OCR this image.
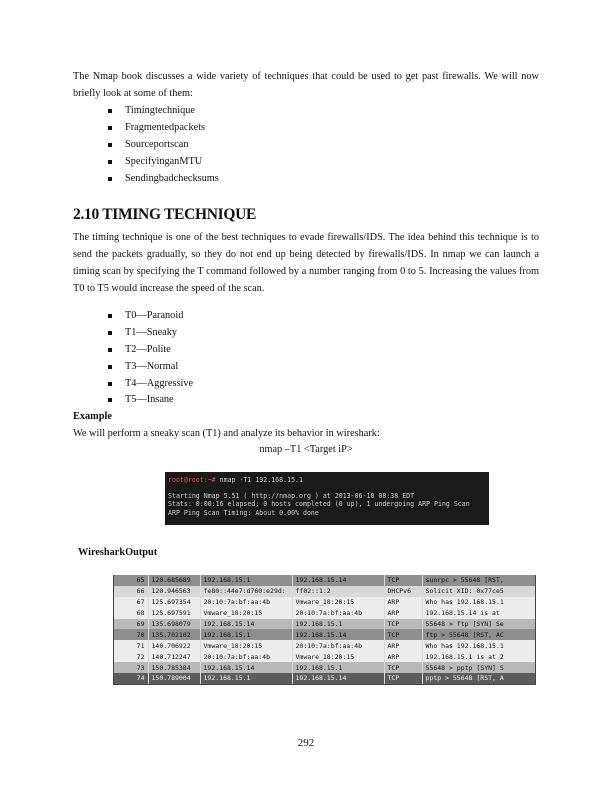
The Nmap book discusses a wide variety of techniques that could be used to get past firewalls. We will now briefly look at some of them:

Timingtechnique
Fragmentedpackets
Sourceportscan
SpecifyinganMTU
Sendingbadchecksums
2.10 TIMING TECHNIQUE

The timing technique is one of the best techniques to evade firewalls/IDS. The idea behind this technique is to send the packets gradually, so they do not end up being detected by firewalls/IDS. In nmap we can launch a timing scan by specifying the T command followed by a number ranging from 0 to 5. Increasing the values from T0 to T5 would increase the speed of the scan.

T0—Paranoid
T1—Sneaky
T2—Polite
T3—Normal
T4—Aggressive
T5—Insane

Example

We will perform a sneaky scan (T1) and analyze its behavior in wireshark:

nmap –T1 <Target iP>

root@root:~# nmap -T1 192.168.15.1
Starting Nmap 5.51 ( http://nmap.org ) at 2013-06-10 08:38 EDT
Stats: 0:00:16 elapsed; 0 hosts completed (0 up), 1 undergoing ARP Ping Scan
ARP Ping Scan Timing: About 0.00% done

WiresharkOutput

65	120.685689	192.168.15.1	192.168.15.14	TCP	sunrpc > 55648 [RST,
66	120.946563	fe80::44e7:d760:e29d:	ff02::1:2	DHCPv6	Solicit XID: 0x77ce5
67	125.697354	20:10:7a:bf:aa:4b	Vmware_18:20:15	ARP	Who has 192.168.15.1
68	125.697591	Vmware_18:20:15	20:10:7a:bf:aa:4b	ARP	192.168.15.14 is at
69	135.698079	192.168.15.14	192.168.15.1	TCP	55648 > ftp [SYN] Se
70	135.702102	192.168.15.1	192.168.15.14	TCP	ftp > 55648 [RST, AC
71	140.706922	Vmware_18:20:15	20:10:7a:bf:aa:4b	ARP	Who has 192.168.15.1
72	140.712247	20:10:7a:bf:aa:4b	Vmware_18:20:15	ARP	192.168.15.1 is at 2
73	150.785384	192.168.15.14	192.168.15.1	TCP	55648 > pptp [SYN] S
74	150.789004	192.168.15.1	192.168.15.14	TCP	pptp > 55648 [RST, A
292
